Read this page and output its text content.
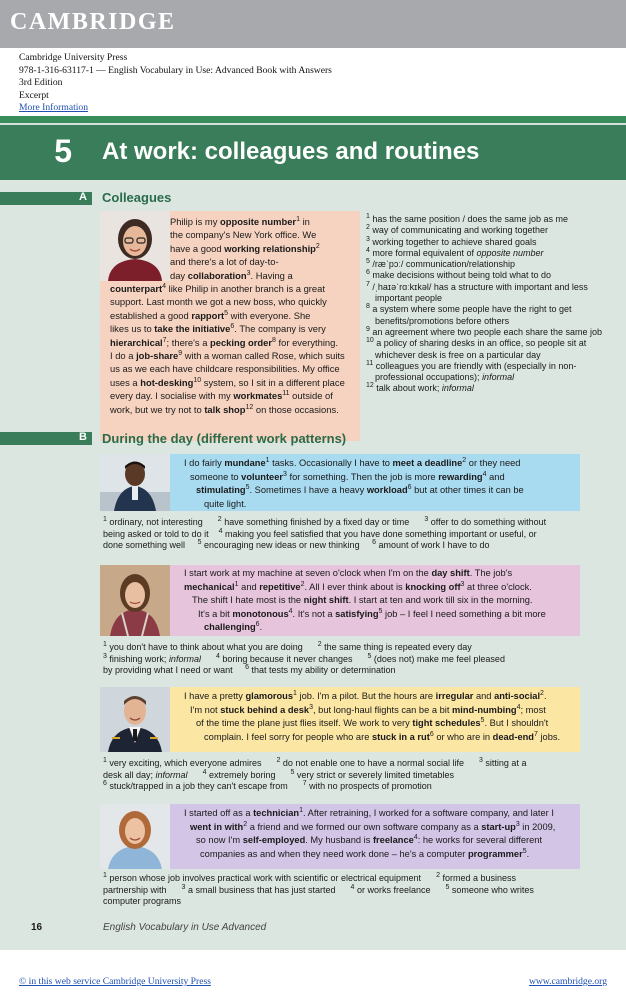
CAMBRIDGE
Cambridge University Press
978-1-316-63117-1 — English Vocabulary in Use: Advanced Book with Answers
3rd Edition
Excerpt
More Information
5	At work: colleagues and routines
A Colleagues
Philip is my opposite number$^1$ in
the company's New York office. We
have a good working relationship$^2$
and there's a lot of day-to-
day collaboration$^3$. Having a
counterpart$^4$ like Philip in another branch is a great
support. Last month we got a new boss, who quickly
established a good rapport$^5$ with everyone. She
likes us to take the initiative$^6$. The company is very
hierarchical$^7$; there's a pecking order$^8$ for everything.
I do a job-share$^9$ with a woman called Rose, which suits
us as we each have childcare responsibilities. My office
uses a hot-desking$^{10}$ system, so I sit in a different place
every day. I socialise with my workmates$^{11}$ outside of
work, but we try not to talk shop$^{12}$ on those occasions.
$^1$ has the same position / does the same job as me
$^2$ way of communicating and working together
$^3$ working together to achieve shared goals
$^4$ more formal equivalent of opposite number
$^5$ /ræˈpɔː/ communication/relationship
$^6$ make decisions without being told what to do
$^7$ /ˌhaɪəˈrɑːkɪkəl/ has a structure with important and less important people
$^8$ a system where some people have the right to get benefits/promotions before others
$^9$ an agreement where two people each share the same job
$^{10}$ a policy of sharing desks in an office, so people sit at whichever desk is free on a particular day
$^{11}$ colleagues you are friendly with (especially in non-professional occupations); informal
$^{12}$ talk about work; informal
B During the day (different work patterns)
I do fairly mundane$^1$ tasks. Occasionally I have to meet a deadline$^2$ or they need
someone to volunteer$^3$ for something. Then the job is more rewarding$^4$ and
stimulating$^5$. Sometimes I have a heavy workload$^6$ but at other times it can be
quite light.
$^1$ ordinary, not interesting      $^2$ have something finished by a fixed day or time      $^3$ offer to do something without
being asked or told to do it    $^4$ making you feel satisfied that you have done something important or useful, or
done something well     $^5$ encouraging new ideas or new thinking     $^6$ amount of work I have to do
I start work at my machine at seven o'clock when I'm on the day shift. The job's
mechanical$^1$ and repetitive$^2$. All I ever think about is knocking off$^3$ at three o'clock.
The shift I hate most is the night shift. I start at ten and work till six in the morning.
It's a bit monotonous$^4$. It's not a satisfying$^5$ job – I feel I need something a bit more
challenging$^6$.
$^1$ you don't have to think about what you are doing      $^2$ the same thing is repeated every day
$^3$ finishing work; informal $^4$ boring because it never changes      $^5$ (does not) make me feel pleased
by providing what I need or want     $^6$ that tests my ability or determination
I have a pretty glamorous$^1$ job. I'm a pilot. But the hours are irregular and anti-social$^2$.
I'm not stuck behind a desk$^3$, but long-haul flights can be a bit mind-numbing$^4$; most
of the time the plane just flies itself. We work to very tight schedules$^5$. But I shouldn't
complain. I feel sorry for people who are stuck in a rut$^6$ or who are in dead-end$^7$ jobs.
$^1$ very exciting, which everyone admires      $^2$ do not enable one to have a normal social life      $^3$ sitting at a
desk all day; informal $^4$ extremely boring      $^5$ very strict or severely limited timetables
$^6$ stuck/trapped in a job they can't escape from      $^7$ with no prospects of promotion
I started off as a technician$^1$. After retraining, I worked for a software company, and later I
went in with$^2$ a friend and we formed our own software company as a start-$up^3$ in 2009,
so now I'm self-employed. My husband is freelance$^4$: he works for several different
companies as and when they need work done – he's a computer programmer$^5$.
$^1$ person whose job involves practical work with scientific or electrical equipment      $^2$ formed a business
partnership with      $^3$ a small business that has just started      $^4$ or works freelance      $^5$ someone who writes
computer programs
16	English Vocabulary in Use Advanced
© in this web service Cambridge University Press	www.cambridge.org
